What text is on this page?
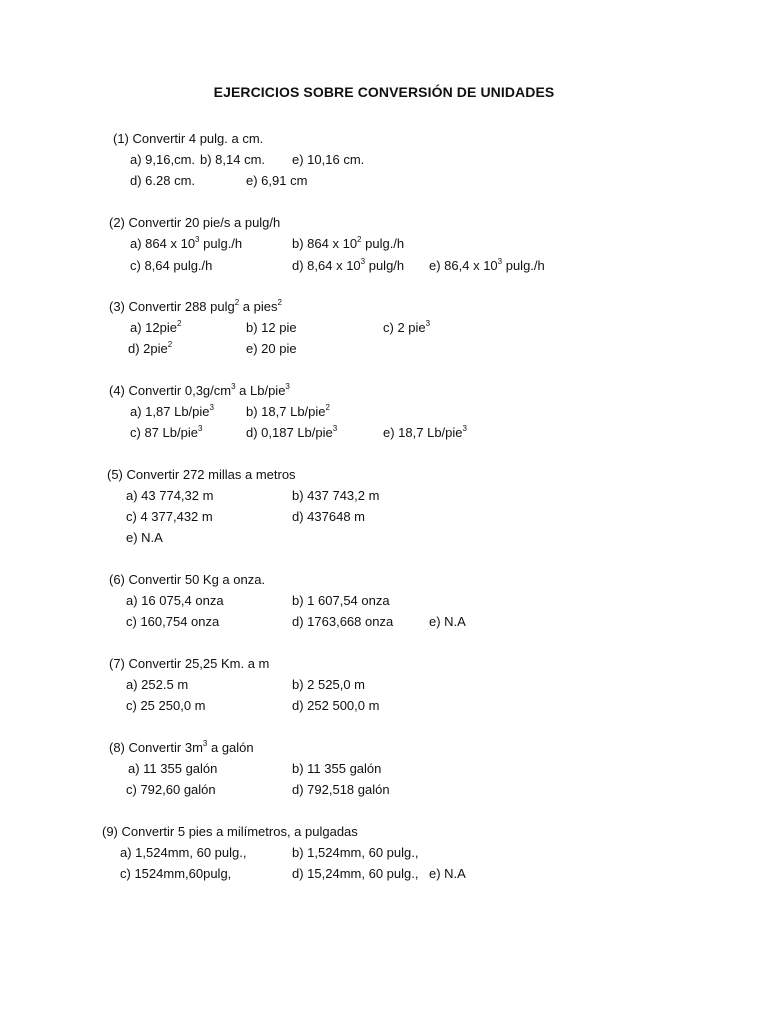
EJERCICIOS SOBRE CONVERSIÓN DE UNIDADES
(1) Convertir 4 pulg. a cm.
a) 9,16,cm. b) 8,14 cm. e) 10,16 cm.
d) 6.28 cm.	e) 6,91 cm
(2) Convertir 20 pie/s a pulg/h
a) 864 x $10^3$ pulg./h	b) 864 x $10^2$ pulg./h
c) 8,64 pulg./h	d) 8,64 x $10^3$ pulg/h e) 86,4 x $10^3$ pulg./h
(3) Convertir 288 pulg$^2$ a pies$^2$
a) 12pie$^2$	b) 12 pie	c) 2 pie$^3$
d) 2pie$^2$	e) 20 pie
(4) Convertir $0,3g/cm^3$ a Lb/pie$^3$
a) 1,87 Lb/pie$^3$ b) 18,7 Lb/pie$^2$
c) 87 Lb/pie$^3$	d) 0,187 Lb/pie$^3$	e) 18,7 Lb/pie$^3$
(5) Convertir 272 millas a metros
a) 43 774,32 m	b) 437 743,2 m
c) 4 377,432 m	d) 437648 m
e) N.A
(6) Convertir 50 Kg a onza.
a) 16 075,4 onza	b) 1 607,54 onza
c) 160,754 onza	d) 1763,668 onza	e) N.A
(7) Convertir 25,25 Km. a m
a) 252.5 m	b) 2 525,0 m
c) 25 250,0 m	d) 252 500,0 m
(8) Convertir $3m^3$ a galón
a) 11 355 galón	b) 11 355 galón
c) 792,60 galón	d) 792,518 galón
(9) Convertir 5 pies a milímetros, a pulgadas
a) 1,524mm, 60 pulg.,	b) 1,524mm, 60 pulg.,
c) 1524mm,60pulg,	d) 15,24mm, 60 pulg., e) N.A
